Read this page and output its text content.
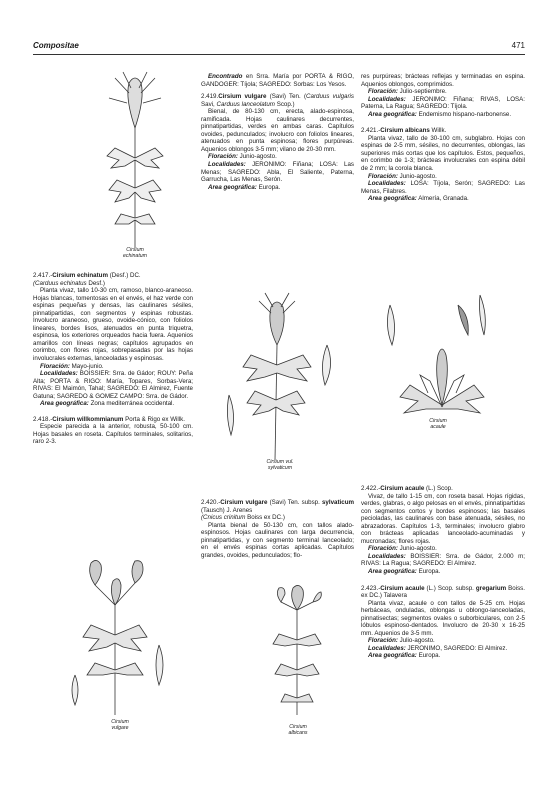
Compositae	471
Cirsium
echinatum

Encontrado en Srra. María por PORTA & RIGO, GANDOGER: Tíjola; SAGREDO: Sorbas: Los Yesos.

2.419.Cirsium vulgare (Savi) Ten. (Carduus vulgaris Savi, Carduus lanceolatum Scop.)

Bienal, de 80-130 cm, erecta, alado-espinosa, ramificada. Hojas caulinares decurrentes, pinnatipartidas, verdes en ambas caras. Capítulos ovoides, pedunculados; involucro con foliolos lineares, atenuados en punta espinosa; flores purpúreas. Aquenios oblongos 3-5 mm; vilano de 20-30 mm.

Floración: Junio-agosto.

Localidades: JERONIMO: Fiñana; LOSA: Las Menas; SAGREDO: Abla, El Saliente, Paterna, Garrucha, Las Menas, Serón.

Area geográfica: Europa.

res purpúreas; brácteas reflejas y terminadas en espina. Aquenios oblongos, comprimidos.

Floración: Julio-septiembre.

Localidades: JERONIMO: Fiñana; RIVAS, LOSA: Paterna, La Ragua; SAGREDO: Tíjola.

Area geográfica: Endemismo hispano-narbonense.

2.421.-Cirsium albicans Willk.

Planta vivaz, tallo de 30-100 cm, subglabro. Hojas con espinas de 2-5 mm, sésiles, no decurrentes, oblongas, las superiores más cortas que los capítulos. Estos, pequeños, en corimbo de 1-3; brácteas involucrales con espina débil de 2 mm; la corola blanca.

Floración: Junio-agosto.

Localidades: LOSA: Tíjola, Serón; SAGREDO: Las Menas, Filabres.

Area geográfica: Almería, Granada.

2.417.-Cirsium echinatum (Desf.) DC.

(Carduus echinatus Desf.)

Planta vivaz, tallo 10-30 cm, ramoso, blanco-araneoso. Hojas blancas, tomentosas en el envés, el haz verde con espinas pequeñas y densas, las caulinares sésiles, pinnatipartidas, con segmentos y espinas robustas. Involucro araneoso, grueso, ovoide-cónico, con foliolos lineares, bordes lisos, atenuados en punta triquetra, espinosa, los exteriores orqueados hacia fuera. Aquenios amarillos con líneas negras; capítulos agrupados en corimbo, con flores rojas, sobrepasadas por las hojas involucrales externas, lanceoladas y espinosas.

Floración: Mayo-junio.

Localidades: BOISSIER: Srra. de Gádor; ROUY: Peña Alta; PORTA & RIGO: María, Topares, Sorbas-Vera; RIVAS: El Maimón, Tahal; SAGREDO: El Almirez, Fuente Gatuna; SAGREDO & GOMEZ CAMPO: Srra. de Gádor.

Area geográfica: Zona mediterránea occidental.

2.418.-Cirsium willkommianum Porta & Rigo ex Willk.

Especie parecida a la anterior, robusta, 50-100 cm. Hojas basales en roseta. Capítulos terminales, solitarios, raro 2-3.

Cirsium vul.
sylvaticum
Cirsium
acaule

2.420.-Cirsium vulgare (Savi) Ten. subsp. sylvaticum (Tausch) J. Arenes

(Cnicus crinitum Boiss ex DC.)

Planta bienal de 50-130 cm, con tallos alado-espinosos. Hojas caulinares con larga decurrencia, pinnatipartidas, y con segmento terminal lanceolado; en el envés espinas cortas aplicadas. Capítulos grandes, ovoides, pedunculados; flo-

2.422.-Cirsium acaule (L.) Scop.

Vivaz, de tallo 1-15 cm, con roseta basal. Hojas rígidas, verdes, glabras, o algo pelosas en el envés, pinnatipartidas con segmentos cortos y bordes espinosos; las basales pecioladas, las caulinares con base atenuada, sésiles, no abrazadoras. Capítulos 1-3, terminales; involucro glabro con brácteas aplicadas lanceolado-acuminadas y mucronadas; flores rojas.

Floración: Junio-agosto.

Localidades: BOISSIER: Srra. de Gádor, 2.000 m; RIVAS: La Ragua; SAGREDO: El Almirez.

Area geográfica: Europa.

2.423.-Cirsium acaule (L.) Scop. subsp. gregarium Boiss. ex DC.) Talavera

Planta vivaz, acaule o con tallos de 5-25 cm. Hojas herbáceas, onduladas, oblongas u oblongo-lanceoladas, pinnatisectas; segmentos ovales o suborbiculares, con 2-5 lóbulos espinoso-dentados. Involucro de 20-30 x 16-25 mm. Aquenios de 3-5 mm.

Floración: Julio-agosto.

Localidades: JERONIMO, SAGREDO: El Almirez.

Area geográfica: Europa.

Cirsium
vulgare	Cirsium
albicans
